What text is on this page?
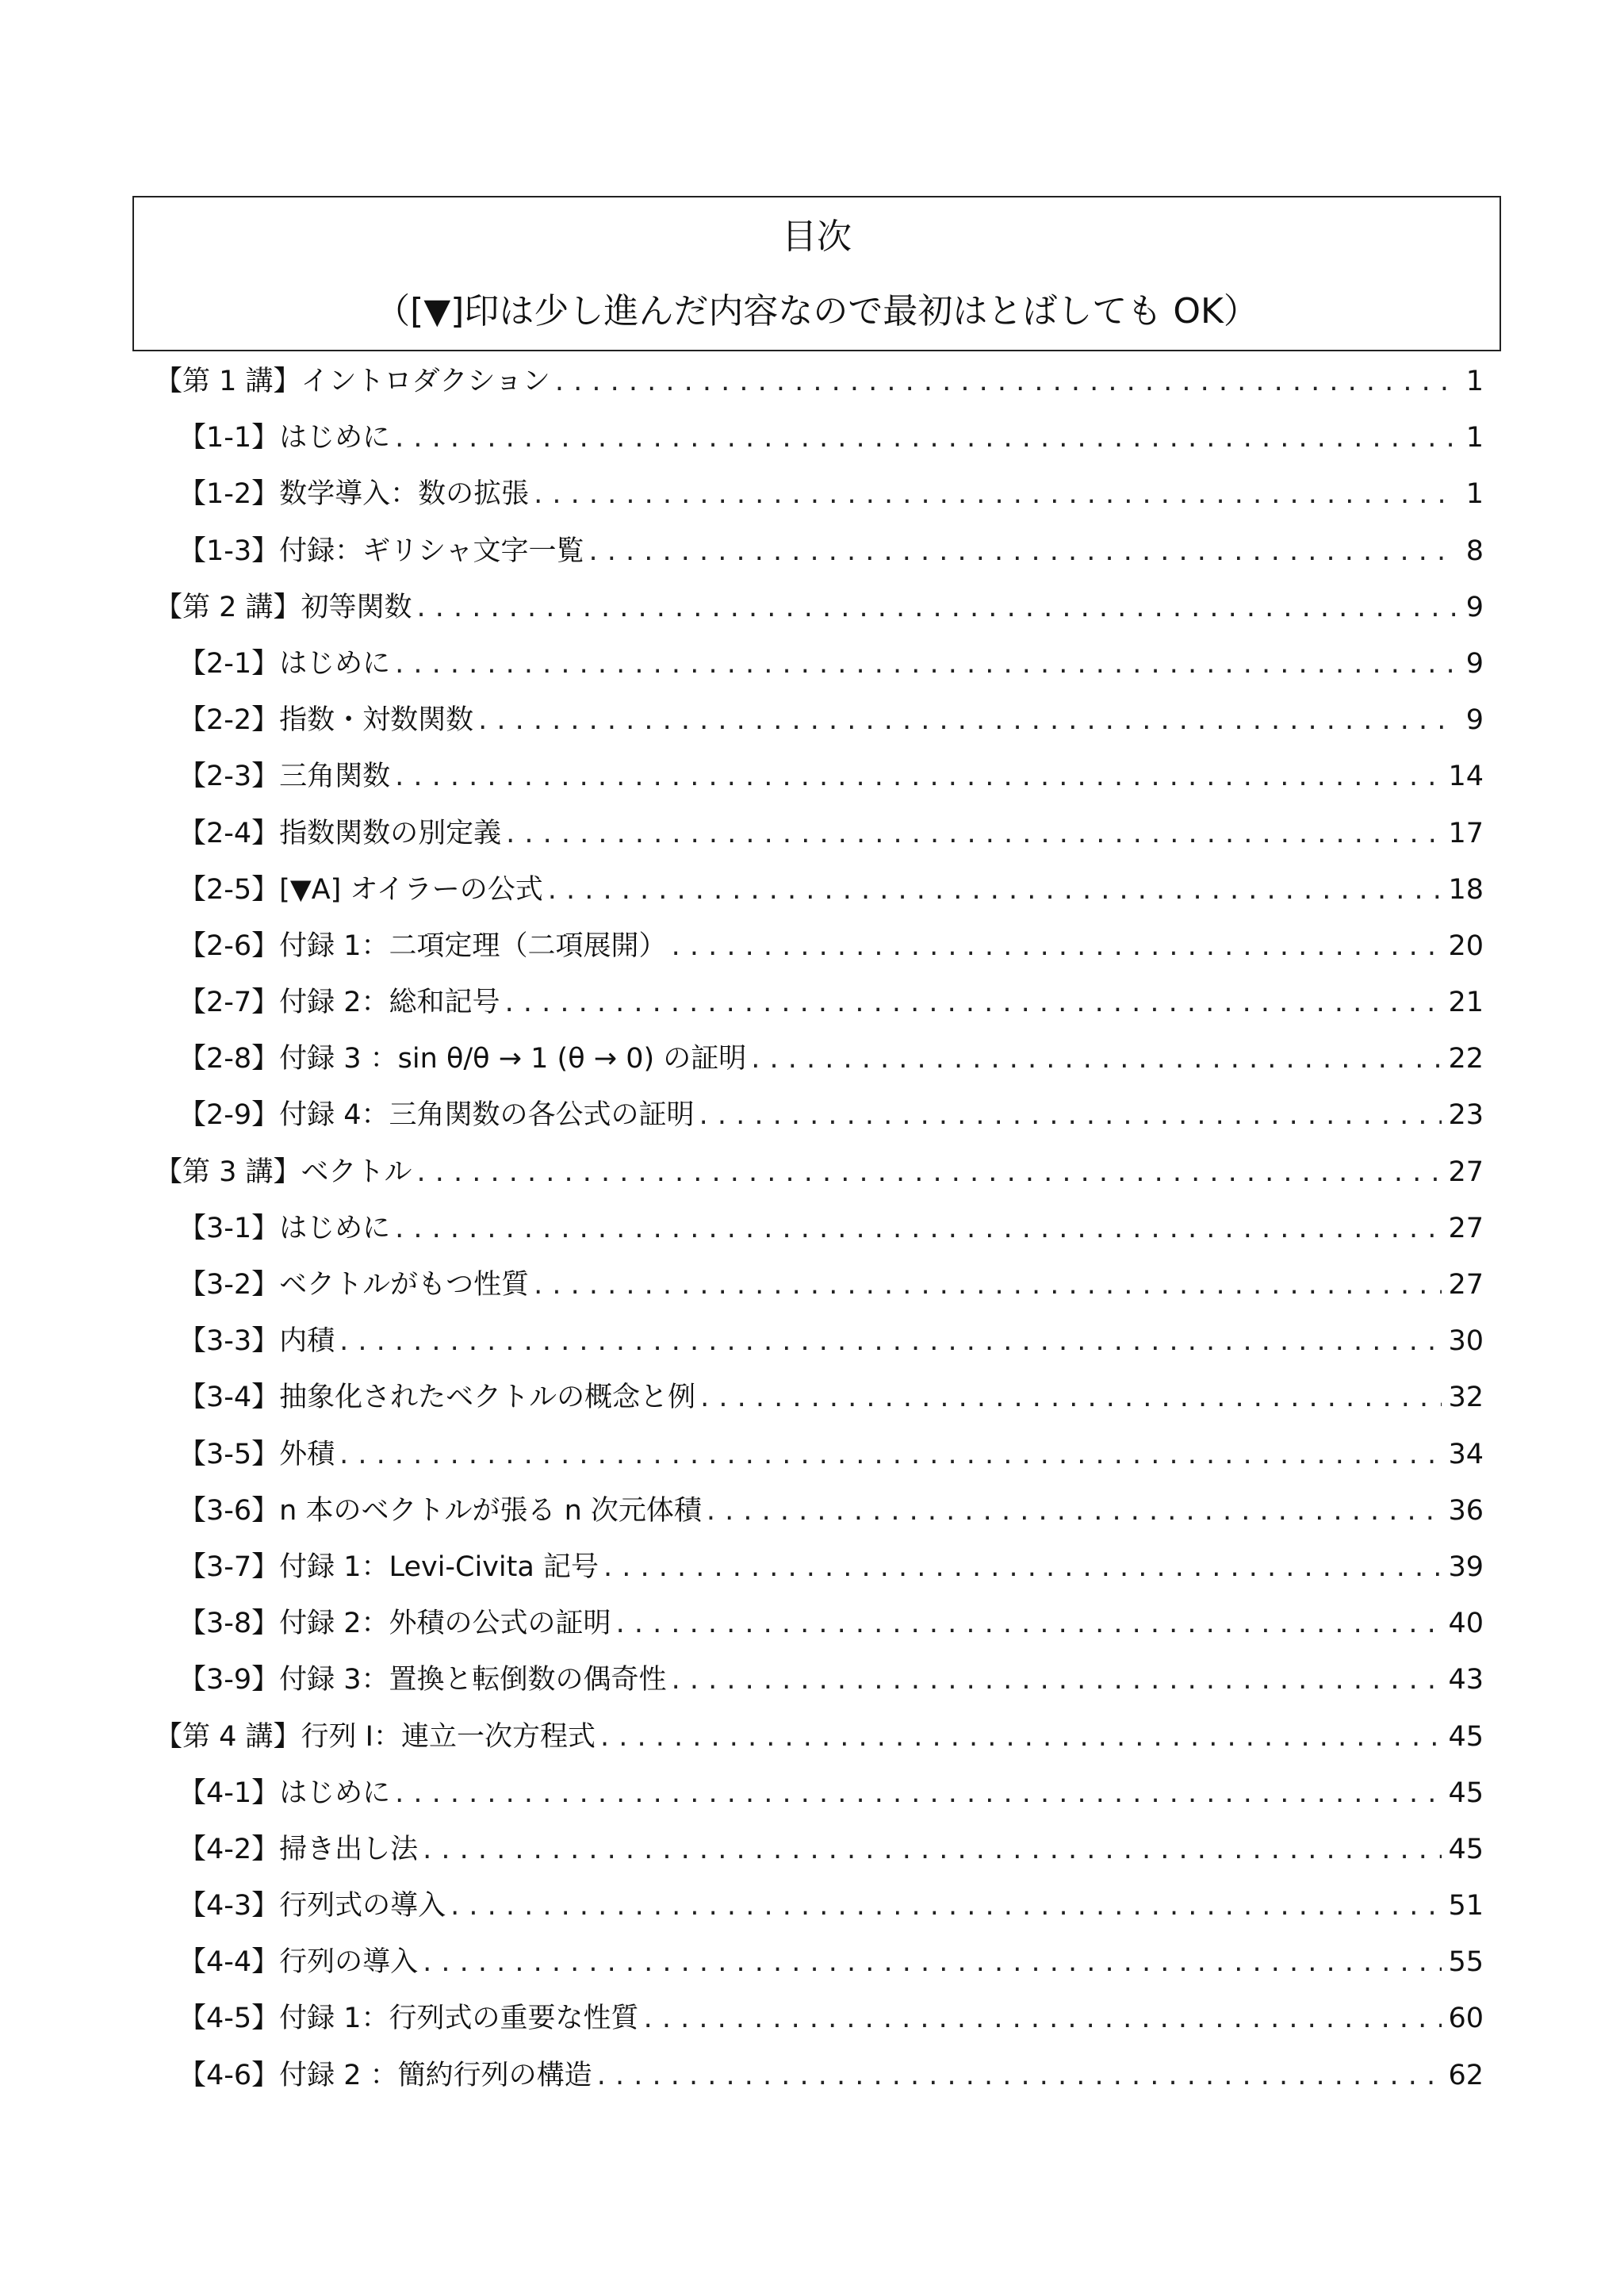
目次
（[▼]印は少し進んだ内容なので最初はとばしても OK）
【第 1 講】イントロダクション . . .	1
【1-1】はじめに . . .	1
【1-2】数学導入：数の拡張 . . .	1
【1-3】付録：ギリシャ文字一覧 . . .	8
【第 2 講】初等関数 . . .	9
【2-1】はじめに . . .	9
【2-2】指数・対数関数 . . .	9
【2-3】三角関数 . . .	14
【2-4】指数関数の別定義 . . .	17
【2-5】[▼A] オイラーの公式 . . .	18
【2-6】付録 1：二項定理（二項展開） . . .	20
【2-7】付録 2：総和記号 . . .	21
【2-8】付録 3 ：sin θ/θ → 1 (θ → 0) の証明 . . .	22
【2-9】付録 4：三角関数の各公式の証明 . . .	23
【第 3 講】ベクトル . . .	27
【3-1】はじめに . . .	27
【3-2】ベクトルがもつ性質 . . .	27
【3-3】内積 . . .	30
【3-4】抽象化されたベクトルの概念と例 . . .	32
【3-5】外積 . . .	34
【3-6】n 本のベクトルが張る n 次元体積 . . .	36
【3-7】付録 1：Levi-Civita 記号 . . .	39
【3-8】付録 2：外積の公式の証明 . . .	40
【3-9】付録 3：置換と転倒数の偶奇性 . . .	43
【第 4 講】行列 I：連立一次方程式 . . .	45
【4-1】はじめに . . .	45
【4-2】掃き出し法 . . .	45
【4-3】行列式の導入 . . .	51
【4-4】行列の導入 . . .	55
【4-5】付録 1：行列式の重要な性質 . . .	60
【4-6】付録 2 ：簡約行列の構造 . . .	62
